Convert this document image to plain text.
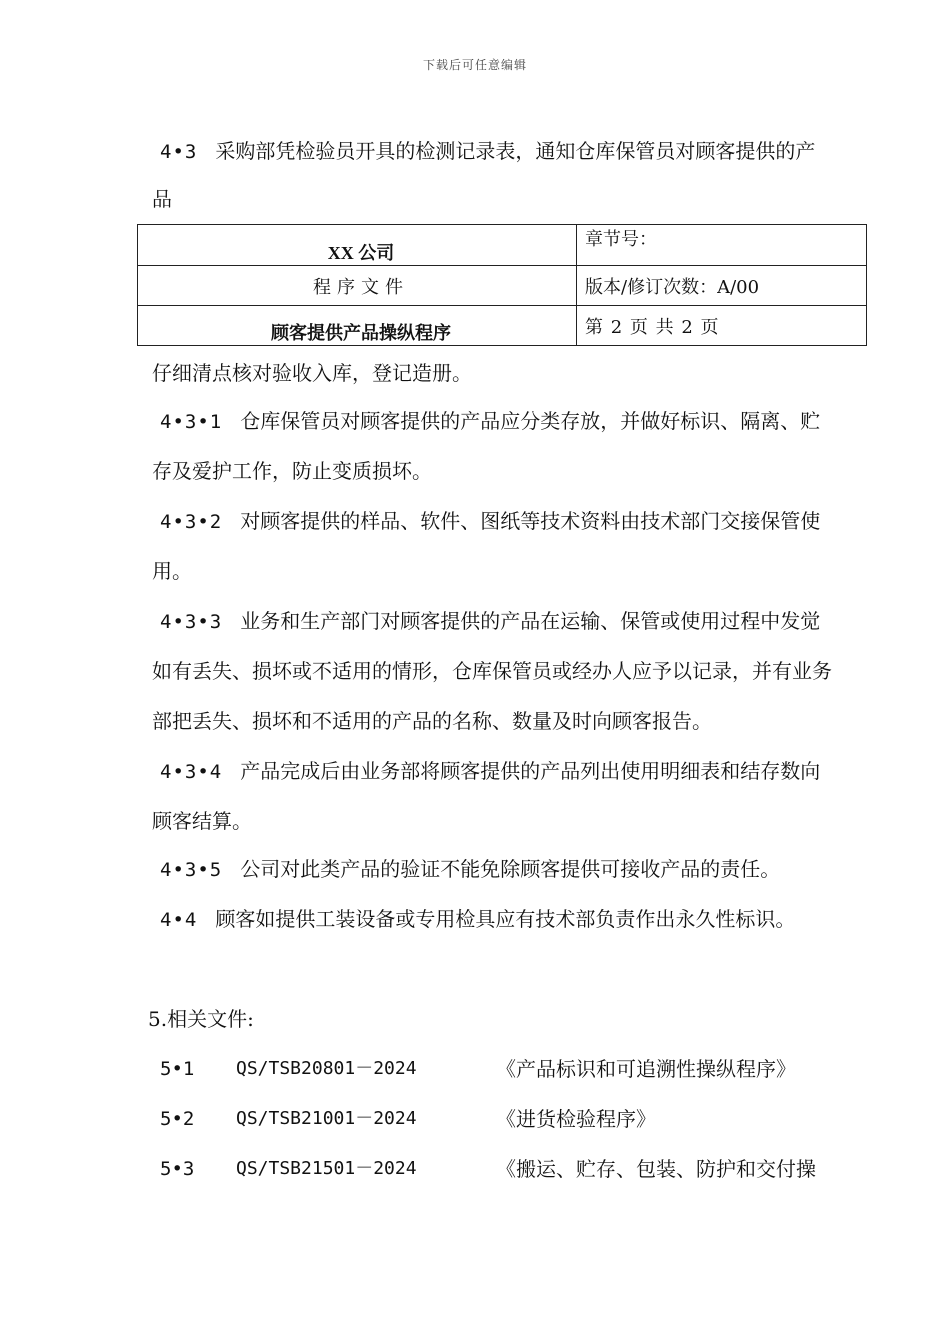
下载后可任意编辑
4•3 采购部凭检验员开具的检测记录表，通知仓库保管员对顾客提供的产
品
XX 公司	章节号：
程序文件	版本/修订次数：A/00
顾客提供产品操纵程序	第 2 页 共 2 页
仔细清点核对验收入库，登记造册。
4•3•1 仓库保管员对顾客提供的产品应分类存放，并做好标识、隔离、贮
存及爱护工作，防止变质损坏。
4•3•2 对顾客提供的样品、软件、图纸等技术资料由技术部门交接保管使
用。
4•3•3 业务和生产部门对顾客提供的产品在运输、保管或使用过程中发觉
如有丢失、损坏或不适用的情形，仓库保管员或经办人应予以记录，并有业务
部把丢失、损坏和不适用的产品的名称、数量及时向顾客报告。
4•3•4 产品完成后由业务部将顾客提供的产品列出使用明细表和结存数向
顾客结算。
4•3•5 公司对此类产品的验证不能免除顾客提供可接收产品的责任。
4•4 顾客如提供工装设备或专用检具应有技术部负责作出永久性标识。
5.相关文件:
5•1 QS/TSB20801－2024	《产品标识和可追溯性操纵程序》
5•2 QS/TSB21001－2024	《进货检验程序》
5•3 QS/TSB21501－2024	《搬运、贮存、包装、防护和交付操
